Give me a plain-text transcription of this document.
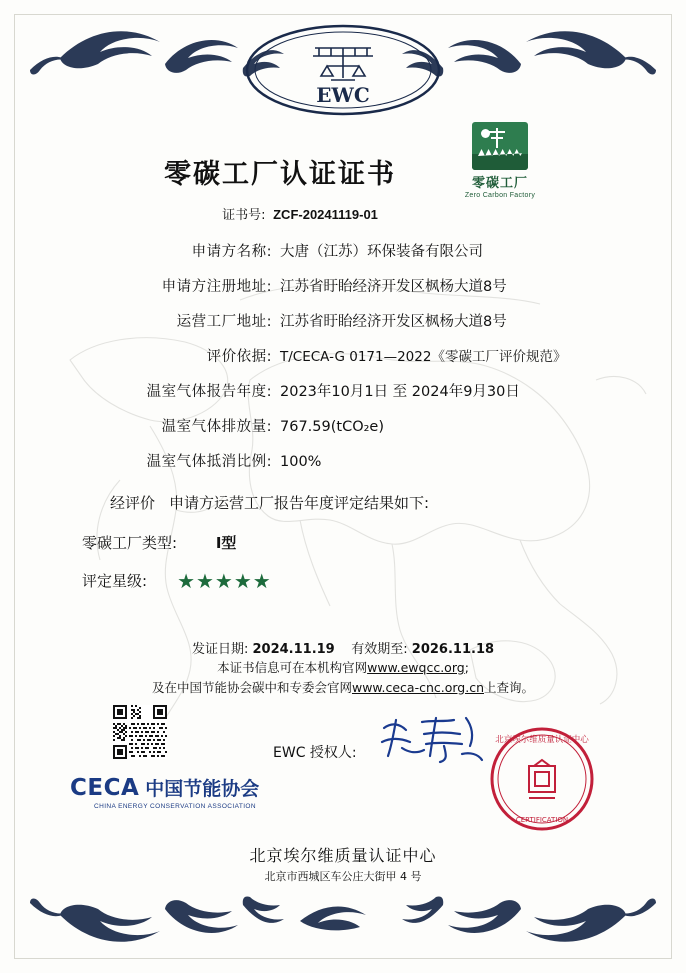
EWC
零碳工厂
Zero Carbon Factory
零碳工厂认证证书
证书号: ZCF-20241119-01
申请方名称: 大唐（江苏）环保装备有限公司
申请方注册地址: 江苏省盱眙经济开发区枫杨大道8号
运营工厂地址: 江苏省盱眙经济开发区枫杨大道8号
评价依据: T/CECA-G 0171—2022《零碳工厂评价规范》
温室气体报告年度: 2023年10月1日 至 2024年9月30日
温室气体排放量: 767.59(tCO₂e)
温室气体抵消比例: 100%
经评价 申请方运营工厂报告年度评定结果如下:
零碳工厂类型:	Ⅰ型
评定星级: ★★★★★
发证日期: 2024.11.19 有效期至: 2026.11.18
本证书信息可在本机构官网www.ewqcc.org;
及在中国节能协会碳中和专委会官网www.ceca-cnc.org.cn上查询。
EWC 授权人:
北京埃尔维质量认证中心
CERTIFICATION
CECA 中国节能协会
CHINA ENERGY CONSERVATION ASSOCIATION
北京埃尔维质量认证中心
北京市西城区车公庄大街甲 4 号
